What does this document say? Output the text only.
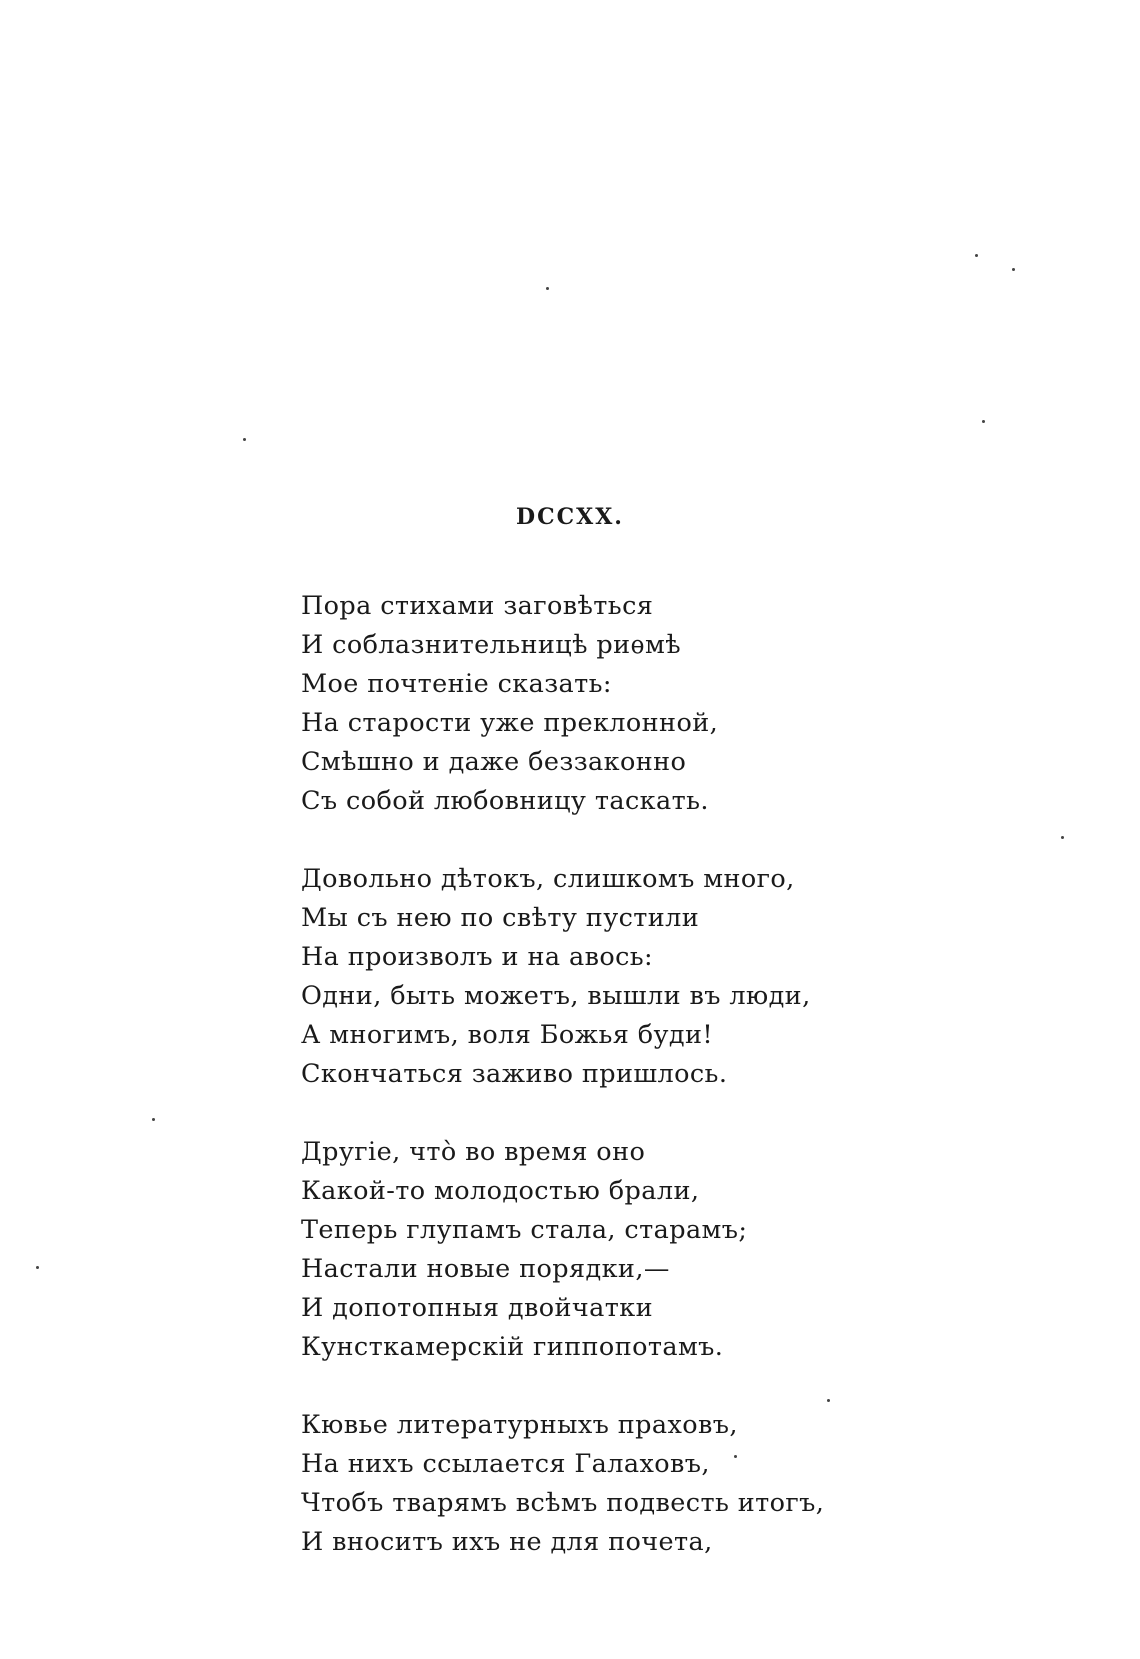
DCCXX.
Пора стихами заговѣться
И соблазнительницѣ риѳмѣ
Мое почтеніе сказать:
На старости уже преклонной,
Смѣшно и даже беззаконно
Съ собой любовницу таскать.
Довольно дѣтокъ, слишкомъ много,
Мы съ нею по свѣту пустили
На произволъ и на авось:
Одни, быть можетъ, вышли въ люди,
А многимъ, воля Божья буди!
Скончаться заживо пришлось.
Другіе, что̀ во время оно
Какой-то молодостью брали,
Теперь глупамъ стала, старамъ;
Настали новые порядки,—
И допотопныя двойчатки
Кунсткамерскій гиппопотамъ.
Кювье литературныхъ праховъ,
На нихъ ссылается Галаховъ,
Чтобъ тварямъ всѣмъ подвесть итогъ,
И вноситъ ихъ не для почета,
